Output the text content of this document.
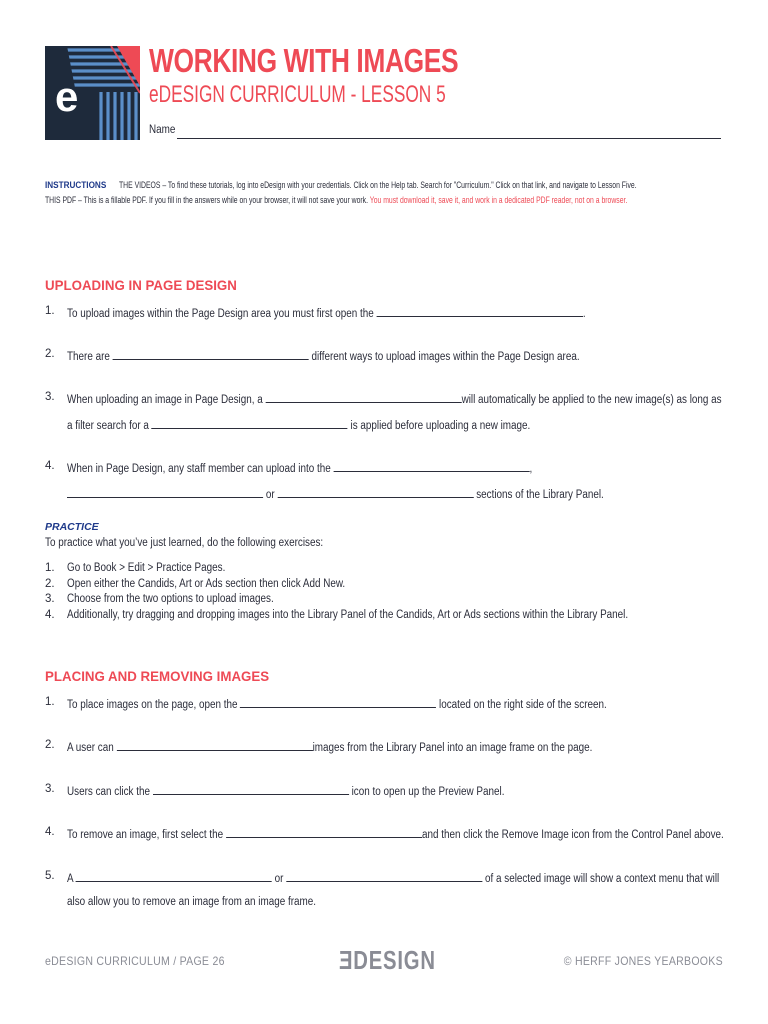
e
WORKING WITH IMAGES
eDESIGN CURRICULUM - LESSON 5
Name
INSTRUCTIONS THE VIDEOS – To find these tutorials, log into eDesign with your credentials. Click on the Help tab. Search for "Curriculum." Click on that link, and navigate to Lesson Five. THIS PDF – This is a fillable PDF. If you fill in the answers while on your browser, it will not save your work. You must download it, save it, and work in a dedicated PDF reader, not on a browser.
UPLOADING IN PAGE DESIGN
1.	To upload images within the Page Design area you must first open the	.
2.	There are	different ways to upload images within the Page Design area.
3.	When uploading an image in Page Design, a	will automatically be applied to the new image(s) as long as
a filter search for a	is applied before uploading a new image.
4.	When in Page Design, any staff member can upload into the	,
or	sections of the Library Panel.
PRACTICE
To practice what you’ve just learned, do the following exercises:
1. Go to Book > Edit > Practice Pages.
2. Open either the Candids, Art or Ads section then click Add New.
3. Choose from the two options to upload images.
4. Additionally, try dragging and dropping images into the Library Panel of the Candids, Art or Ads sections within the Library Panel.
PLACING AND REMOVING IMAGES
1.	To place images on the page, open the	located on the right side of the screen.
2.	A user can	images from the Library Panel into an image frame on the page.
3.	Users can click the	icon to open up the Preview Panel.
4.	To remove an image, first select the	and then click the Remove Image icon from the Control Panel above.
5.	A	or	of a selected image will show a context menu that will
also allow you to remove an image from an image frame.
eDESIGN CURRICULUM / PAGE 26	ƎDESIGN	© HERFF JONES YEARBOOKS
